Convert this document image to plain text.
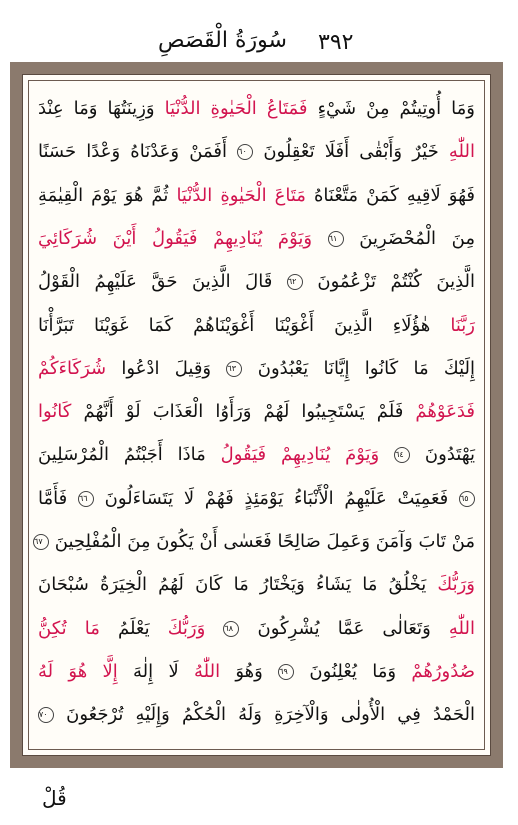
٣٩٢
سُورَةُ الْقَصَصِ
وَمَا أُوتِيتُمْ مِنْ شَيْءٍ فَمَتَاعُ الْحَيٰوةِ الدُّنْيَا وَزِينَتُهَا وَمَا عِنْدَ
اللّٰهِ خَيْرٌ وَأَبْقٰى أَفَلَا تَعْقِلُونَ ٦٠ أَفَمَنْ وَعَدْنَاهُ وَعْدًا حَسَنًا
فَهُوَ لَاقِيهِ كَمَنْ مَتَّعْنَاهُ مَتَاعَ الْحَيٰوةِ الدُّنْيَا ثُمَّ هُوَ يَوْمَ الْقِيٰمَةِ
مِنَ الْمُحْضَرِينَ ٦١ وَيَوْمَ يُنَادِيهِمْ فَيَقُولُ أَيْنَ شُرَكَائِيَ
الَّذِينَ كُنْتُمْ تَزْعُمُونَ ٦٢ قَالَ الَّذِينَ حَقَّ عَلَيْهِمُ الْقَوْلُ
رَبَّنَا هٰؤُلَاءِ الَّذِينَ أَغْوَيْنَا أَغْوَيْنَاهُمْ كَمَا غَوَيْنَا تَبَرَّأْنَا
إِلَيْكَ مَا كَانُوا إِيَّانَا يَعْبُدُونَ ٦٣ وَقِيلَ ادْعُوا شُرَكَاءَكُمْ
فَدَعَوْهُمْ فَلَمْ يَسْتَجِيبُوا لَهُمْ وَرَأَوُا الْعَذَابَ لَوْ أَنَّهُمْ كَانُوا
يَهْتَدُونَ ٦٤ وَيَوْمَ يُنَادِيهِمْ فَيَقُولُ مَاذَا أَجَبْتُمُ الْمُرْسَلِينَ
٦٥ فَعَمِيَتْ عَلَيْهِمُ الْأَنْبَاءُ يَوْمَئِذٍ فَهُمْ لَا يَتَسَاءَلُونَ ٦٦ فَأَمَّا
مَنْ تَابَ وَآمَنَ وَعَمِلَ صَالِحًا فَعَسٰى أَنْ يَكُونَ مِنَ الْمُفْلِحِينَ ٦٧
وَرَبُّكَ يَخْلُقُ مَا يَشَاءُ وَيَخْتَارُ مَا كَانَ لَهُمُ الْخِيَرَةُ سُبْحَانَ
اللّٰهِ وَتَعَالٰى عَمَّا يُشْرِكُونَ ٦٨ وَرَبُّكَ يَعْلَمُ مَا تُكِنُّ
صُدُورُهُمْ وَمَا يُعْلِنُونَ ٦٩ وَهُوَ اللّٰهُ لَا إِلٰهَ إِلَّا هُوَ لَهُ
الْحَمْدُ فِي الْأُولٰى وَالْآخِرَةِ وَلَهُ الْحُكْمُ وَإِلَيْهِ تُرْجَعُونَ ٧٠
قُلْ
